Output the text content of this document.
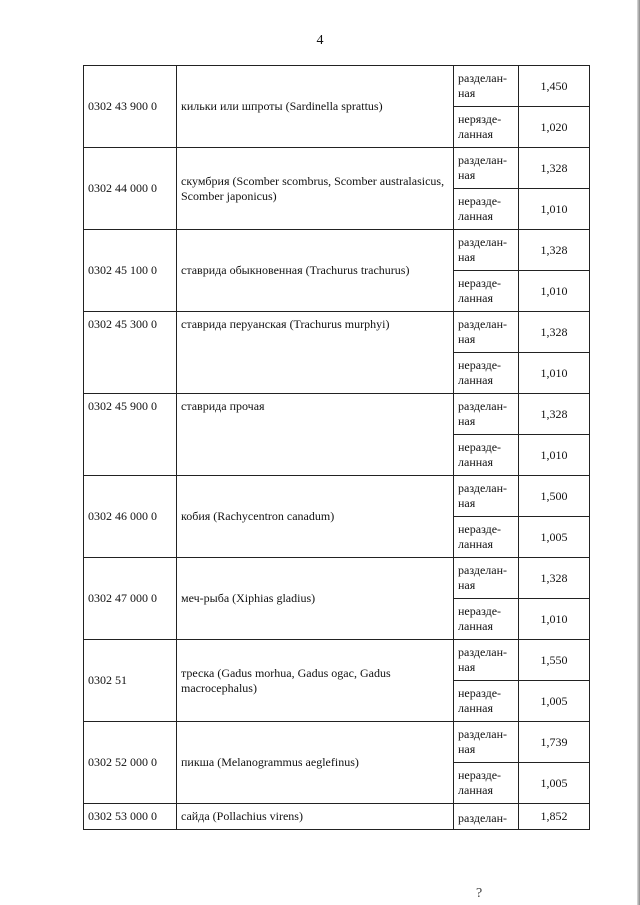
4
0302 43 900 0	кильки или шпроты (Sardinella sprattus)	разделан-
ная	1,450
		нерязде-
ланная	1,020
0302 44 000 0	скумбрия (Scomber scombrus, Scomber australasicus, Scomber japonicus)	разделан-
ная	1,328
		неразде-
ланная	1,010
0302 45 100 0	ставрида обыкновенная (Trachurus trachurus)	разделан-
ная	1,328
		неразде-
ланная	1,010
0302 45 300 0	ставрида перуанская (Trachurus murphyi)	разделан-
ная	1,328
		неразде-
ланная	1,010
0302 45 900 0	ставрида прочая	разделан-
ная	1,328
		неразде-
ланная	1,010
0302 46 000 0	кобия (Rachycentron canadum)	разделан-
ная	1,500
		неразде-
ланная	1,005
0302 47 000 0	меч-рыба (Xiphias gladius)	разделан-
ная	1,328
		неразде-
ланная	1,010
0302 51	треска (Gadus morhua, Gadus ogac, Gadus macrocephalus)	разделан-
ная	1,550
		неразде-
ланная	1,005
0302 52 000 0	пикша (Melanogrammus aeglefinus)	разделан-
ная	1,739
		неразде-
ланная	1,005
0302 53 000 0	сайда (Pollachius virens)	разделан-	1,852
?
